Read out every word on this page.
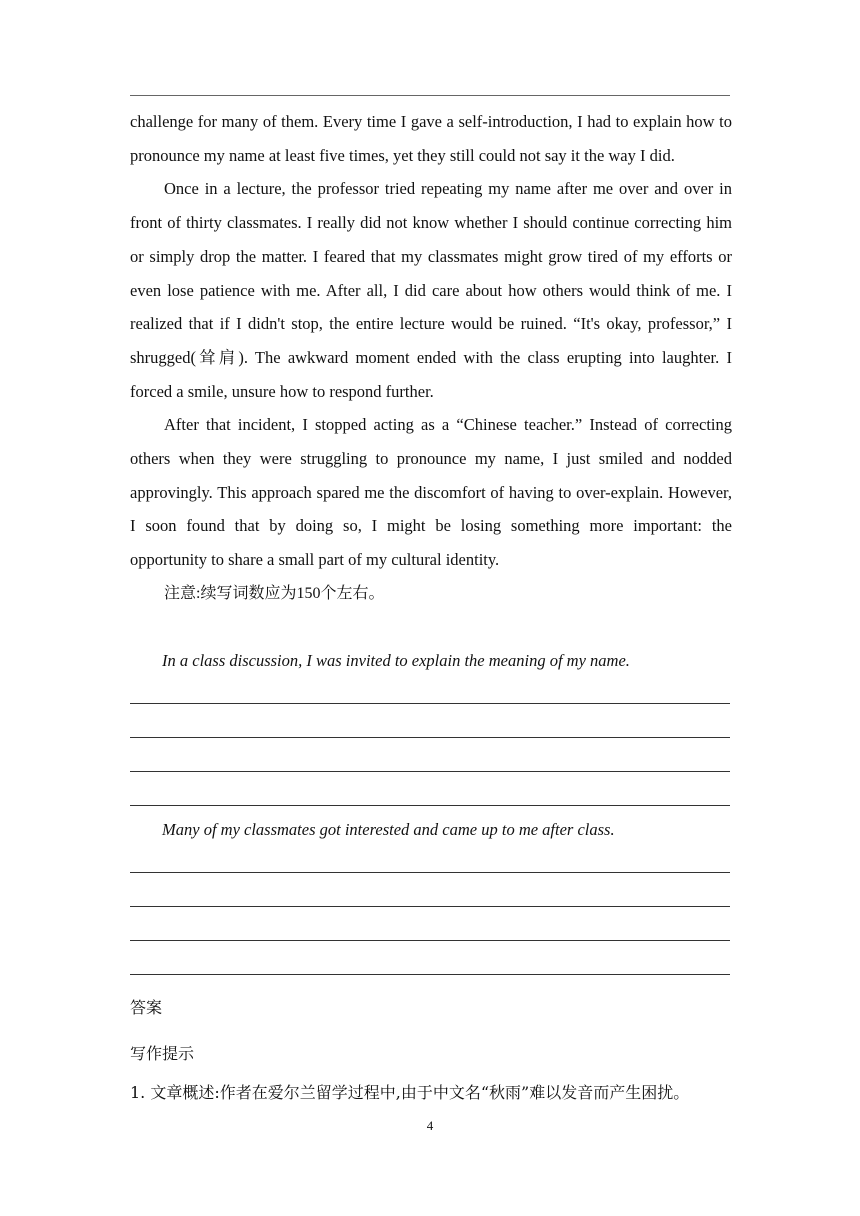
challenge for many of them. Every time I gave a self-introduction, I had to explain how to pronounce my name at least five times, yet they still could not say it the way I did.

Once in a lecture, the professor tried repeating my name after me over and over in front of thirty classmates. I really did not know whether I should continue correcting him or simply drop the matter. I feared that my classmates might grow tired of my efforts or even lose patience with me. After all, I did care about how others would think of me. I realized that if I didn't stop, the entire lecture would be ruined. “It's okay, professor,” I shrugged(耸肩). The awkward moment ended with the class erupting into laughter. I forced a smile, unsure how to respond further.

After that incident, I stopped acting as a “Chinese teacher.” Instead of correcting others when they were struggling to pronounce my name, I just smiled and nodded approvingly. This approach spared me the discomfort of having to over-explain. However, I soon found that by doing so, I might be losing something more important: the opportunity to share a small part of my cultural identity.

注意:续写词数应为150个左右。

In a class discussion, I was invited to explain the meaning of my name.
Many of my classmates got interested and came up to me after class.
答案
写作提示
1. 文章概述:作者在爱尔兰留学过程中,由于中文名“秋雨”难以发音而产生困扰。
4
